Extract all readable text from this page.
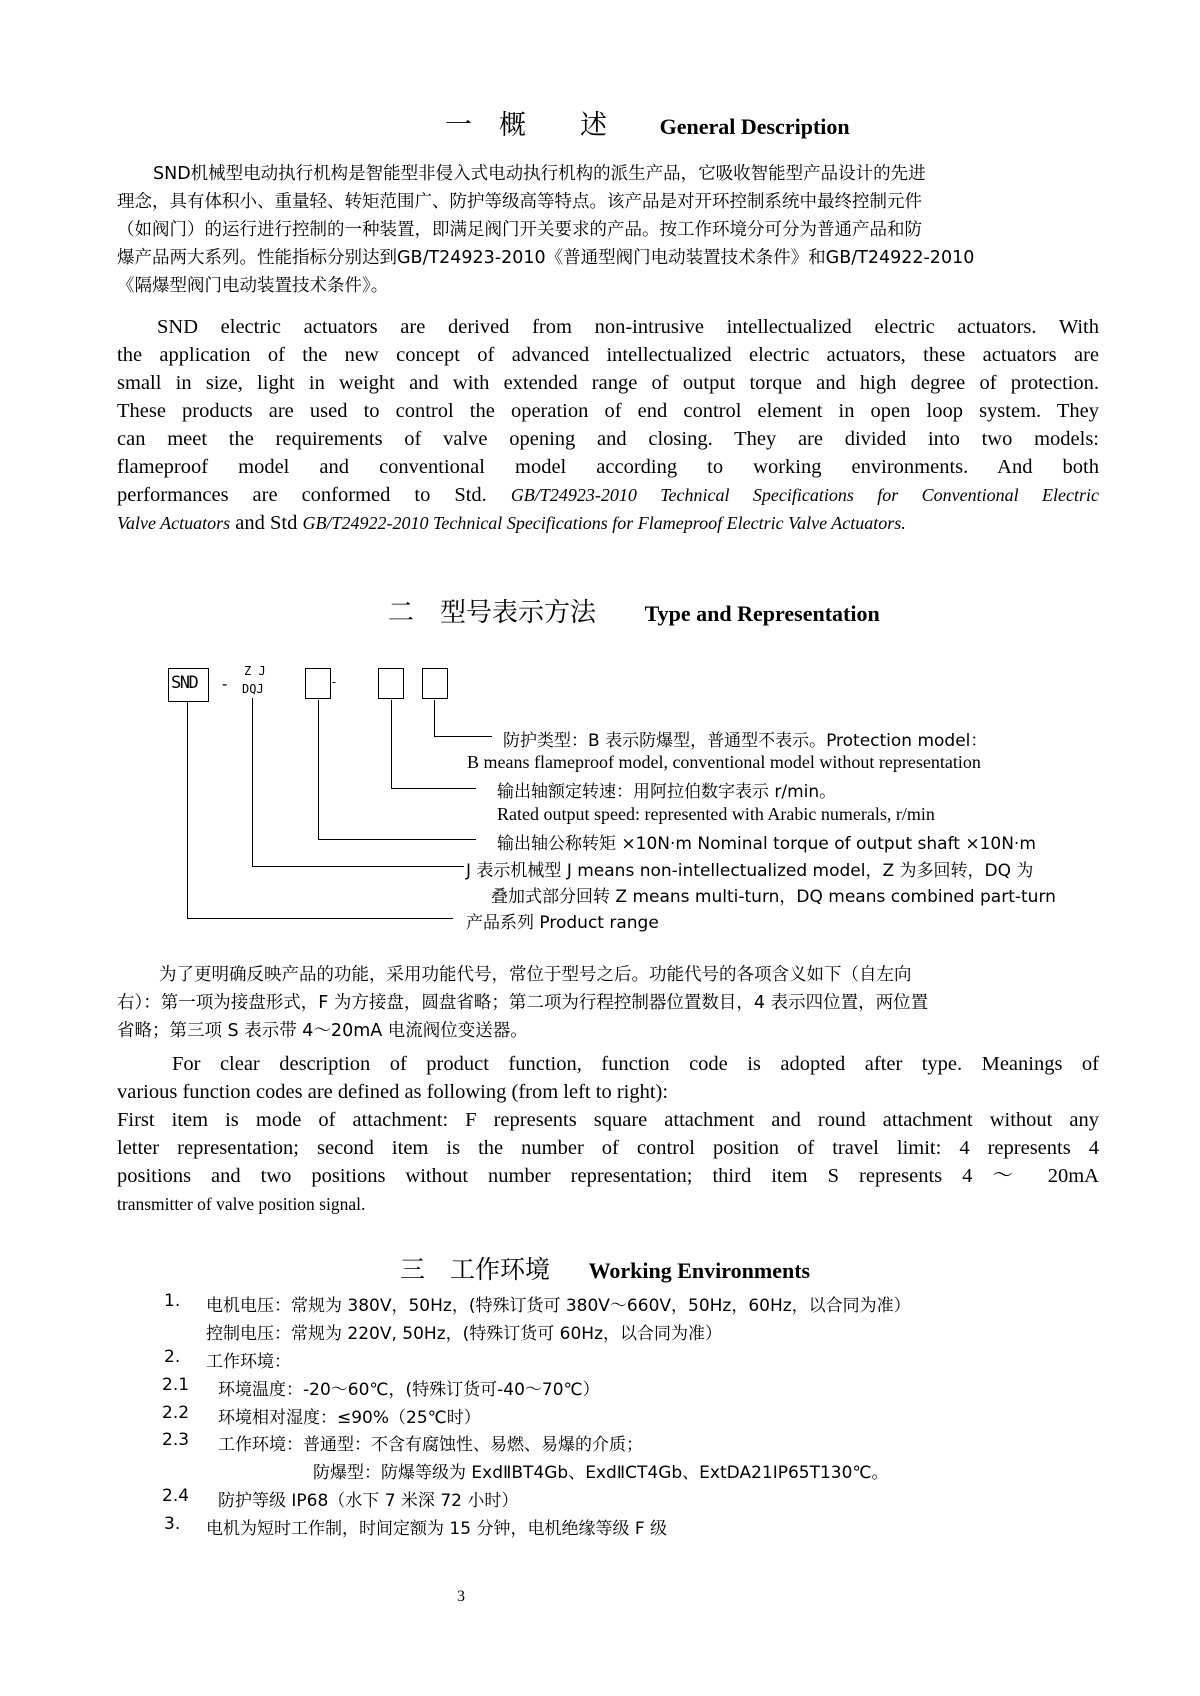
一　概　　述 General Description
SND机械型电动执行机构是智能型非侵入式电动执行机构的派生产品，它吸收智能型产品设计的先进
理念，具有体积小、重量轻、转矩范围广、防护等级高等特点。该产品是对开环控制系统中最终控制元件
（如阀门）的运行进行控制的一种装置，即满足阀门开关要求的产品。按工作环境分可分为普通产品和防
爆产品两大系列。性能指标分别达到GB/T24923-2010《普通型阀门电动装置技术条件》和GB/T24922-2010
《隔爆型阀门电动装置技术条件》。
SND electric actuators are derived from non-intrusive intellectualized electric actuators. With
the application of the new concept of advanced intellectualized electric actuators, these actuators are
small in size, light in weight and with extended range of output torque and high degree of protection.
These products are used to control the operation of end control element in open loop system. They
can meet the requirements of valve opening and closing. They are divided into two models:
flameproof model and conventional model according to working environments. And both
performances are conformed to Std. GB/T24923-2010 Technical Specifications for Conventional Electric
Valve Actuators and Std GB/T24922-2010 Technical Specifications for Flameproof Electric Valve Actuators.
二　型号表示方法 Type and Representation
SND -
Z J
DQJ	-
防护类型：B 表示防爆型，普通型不表示。Protection model：
B means flameproof model, conventional model without representation
输出轴额定转速：用阿拉伯数字表示 r/min。
Rated output speed: represented with Arabic numerals, r/min
输出轴公称转矩 ×10N·m Nominal torque of output shaft ×10N·m
J 表示机械型 J means non-intellectualized model，Z 为多回转，DQ 为
叠加式部分回转 Z means multi-turn，DQ means combined part-turn
产品系列 Product range
为了更明确反映产品的功能，采用功能代号，常位于型号之后。功能代号的各项含义如下（自左向
右）：第一项为接盘形式，F 为方接盘，圆盘省略；第二项为行程控制器位置数目，4 表示四位置，两位置
省略；第三项 S 表示带 4～20mA 电流阀位变送器。
For clear description of product function, function code is adopted after type. Meanings of
various function codes are defined as following (from left to right):
First item is mode of attachment: F represents square attachment and round attachment without any
letter representation; second item is the number of control position of travel limit: 4 represents 4
positions and two positions without number representation; third item S represents 4 ～ 20mA
transmitter of valve position signal.
三　工作环境 Working Environments
1. 电机电压：常规为 380V，50Hz，(特殊订货可 380V～660V，50Hz，60Hz，以合同为准）
控制电压：常规为 220V, 50Hz，(特殊订货可 60Hz，以合同为准）
2. 工作环境：
2.1 环境温度：-20～60℃，(特殊订货可-40～70℃）
2.2 环境相对湿度：≤90%（25℃时）
2.3 工作环境：普通型：不含有腐蚀性、易燃、易爆的介质；
防爆型：防爆等级为 ExdⅡBT4Gb、ExdⅡCT4Gb、ExtDA21IP65T130℃。
2.4 防护等级 IP68（水下 7 米深 72 小时）
3. 电机为短时工作制，时间定额为 15 分钟，电机绝缘等级 F 级
3
